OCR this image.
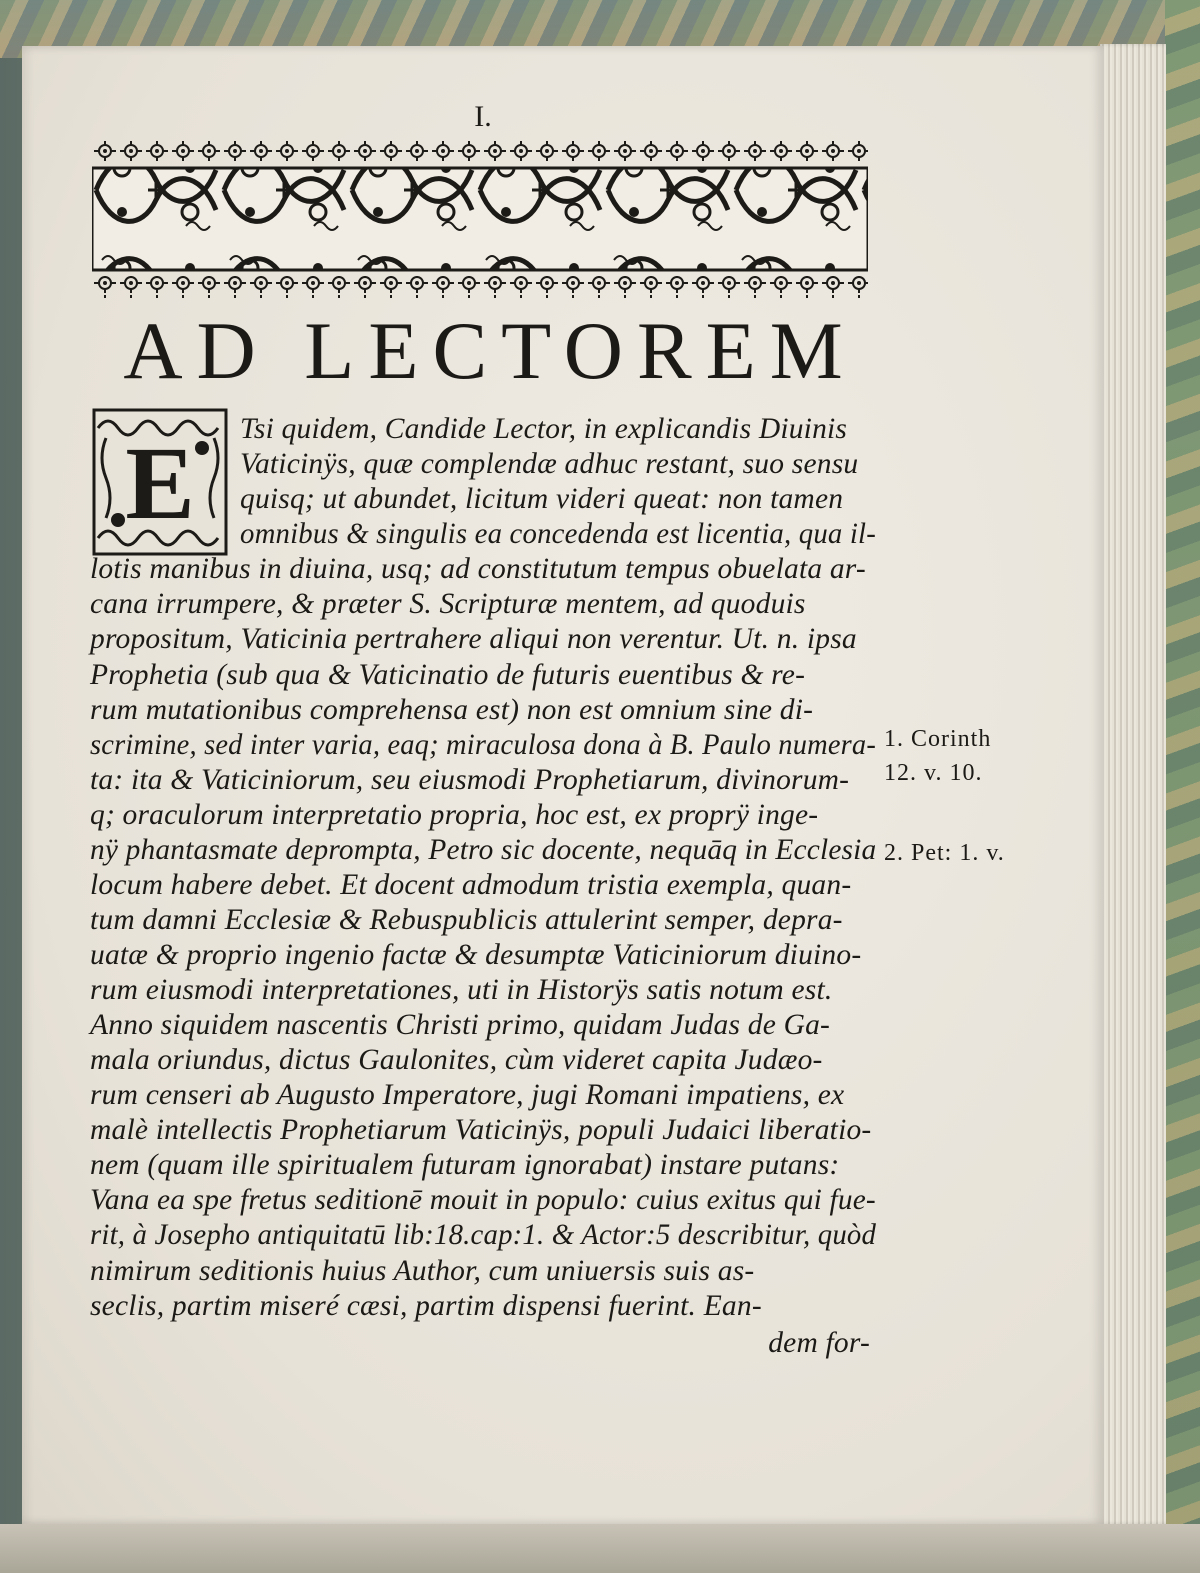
I.
AD LECTOREM
E Tsi quidem, Candide Lector, in explicandis Diuinis
Vaticinÿs, quæ complendæ adhuc restant, suo sensu
quisq; ut abundet, licitum videri queat: non tamen
omnibus & singulis ea concedenda est licentia, qua il-
lotis manibus in diuina, usq; ad constitutum tempus obuelata ar-
cana irrumpere, & præter S. Scripturæ mentem, ad quoduis
propositum, Vaticinia pertrahere aliqui non verentur. Ut. n. ipsa
Prophetia (sub qua & Vaticinatio de futuris euentibus & re-
rum mutationibus comprehensa est) non est omnium sine di-
scrimine, sed inter varia, eaq; miraculosa dona à B. Paulo numera-
ta: ita & Vaticiniorum, seu eiusmodi Prophetiarum, divinorum-
q; oraculorum interpretatio propria, hoc est, ex proprÿ inge-
nÿ phantasmate deprompta, Petro sic docente, nequāq in Ecclesia
locum habere debet. Et docent admodum tristia exempla, quan-
tum damni Ecclesiæ & Rebuspublicis attulerint semper, depra-
uatæ & proprio ingenio factæ & desumptæ Vaticiniorum diuino-
rum eiusmodi interpretationes, uti in Historÿs satis notum est.
Anno siquidem nascentis Christi primo, quidam Judas de Ga-
mala oriundus, dictus Gaulonites, cùm videret capita Judæo-
rum censeri ab Augusto Imperatore, jugi Romani impatiens, ex
malè intellectis Prophetiarum Vaticinÿs, populi Judaici liberatio-
nem (quam ille spiritualem futuram ignorabat) instare putans:
Vana ea spe fretus seditionē mouit in populo: cuius exitus qui fue-
rit, à Josepho antiquitatū lib:18.cap:1. & Actor:5 describitur, quòd
nimirum seditionis huius Author, cum uniuersis suis as-
seclis, partim miseré cæsi, partim dispensi fuerint. Ean-
dem for-
1. Corinth
12. v. 10.
2. Pet: 1. v.
